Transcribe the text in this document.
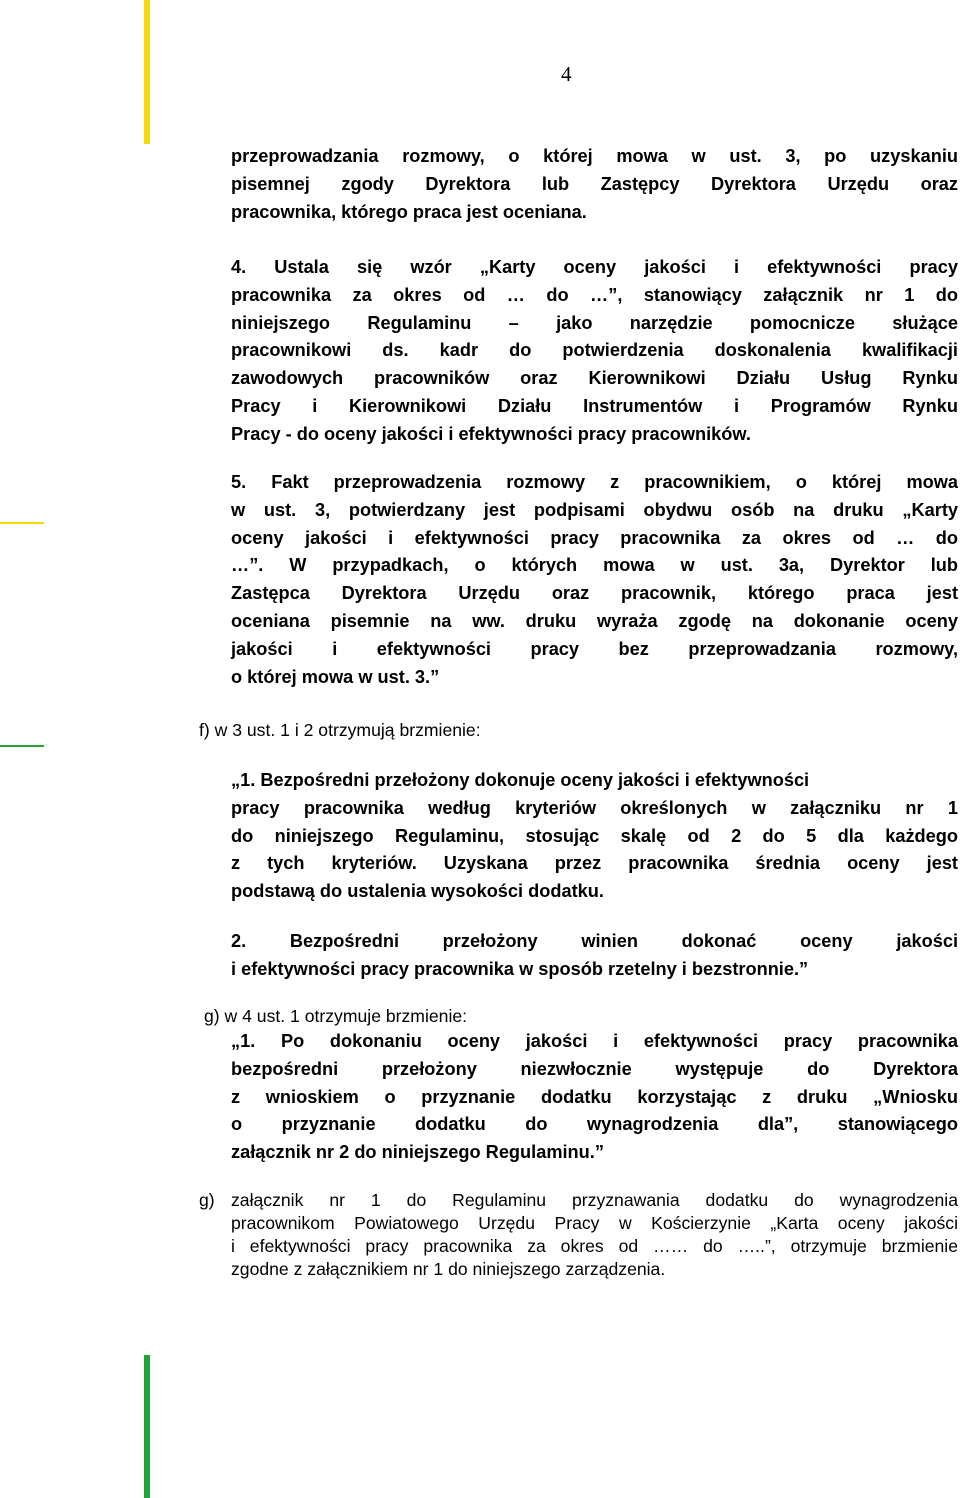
4
przeprowadzania rozmowy, o której mowa w ust. 3, po uzyskaniu
pisemnej zgody Dyrektora lub Zastępcy Dyrektora Urzędu oraz
pracownika, którego praca jest oceniana.
4. Ustala się wzór „Karty oceny jakości i efektywności pracy
pracownika za okres od … do …”, stanowiący załącznik nr 1 do
niniejszego Regulaminu – jako narzędzie pomocnicze służące
pracownikowi ds. kadr do potwierdzenia doskonalenia kwalifikacji
zawodowych pracowników oraz Kierownikowi Działu Usług Rynku
Pracy i Kierownikowi Działu Instrumentów i Programów Rynku
Pracy - do oceny jakości i efektywności pracy pracowników.
5. Fakt przeprowadzenia rozmowy z pracownikiem, o której mowa
w ust. 3, potwierdzany jest podpisami obydwu osób na druku „Karty
oceny jakości i efektywności pracy pracownika za okres od … do
…”. W przypadkach, o których mowa w ust. 3a, Dyrektor lub
Zastępca Dyrektora Urzędu oraz pracownik, którego praca jest
oceniana pisemnie na ww. druku wyraża zgodę na dokonanie oceny
jakości i efektywności pracy bez przeprowadzania rozmowy,
o której mowa w ust. 3.”
f) w 3 ust. 1 i 2 otrzymują brzmienie:
„1. Bezpośredni przełożony dokonuje oceny jakości i efektywności
pracy pracownika według kryteriów określonych w załączniku nr 1
do niniejszego Regulaminu, stosując skalę od 2 do 5 dla każdego
z tych kryteriów. Uzyskana przez pracownika średnia oceny jest
podstawą do ustalenia wysokości dodatku.
2. Bezpośredni przełożony winien dokonać oceny jakości
i efektywności pracy pracownika w sposób rzetelny i bezstronnie.”
g) w 4 ust. 1 otrzymuje brzmienie:
„1. Po dokonaniu oceny jakości i efektywności pracy pracownika
bezpośredni przełożony niezwłocznie występuje do Dyrektora
z wnioskiem o przyznanie dodatku korzystając z druku „Wniosku
o przyznanie dodatku do wynagrodzenia dla”, stanowiącego
załącznik nr 2 do niniejszego Regulaminu.”
g) załącznik nr 1 do Regulaminu przyznawania dodatku do wynagrodzenia
pracownikom Powiatowego Urzędu Pracy w Kościerzynie „Karta oceny jakości
i efektywności pracy pracownika za okres od …… do …..”, otrzymuje brzmienie
zgodne z załącznikiem nr 1 do niniejszego zarządzenia.
